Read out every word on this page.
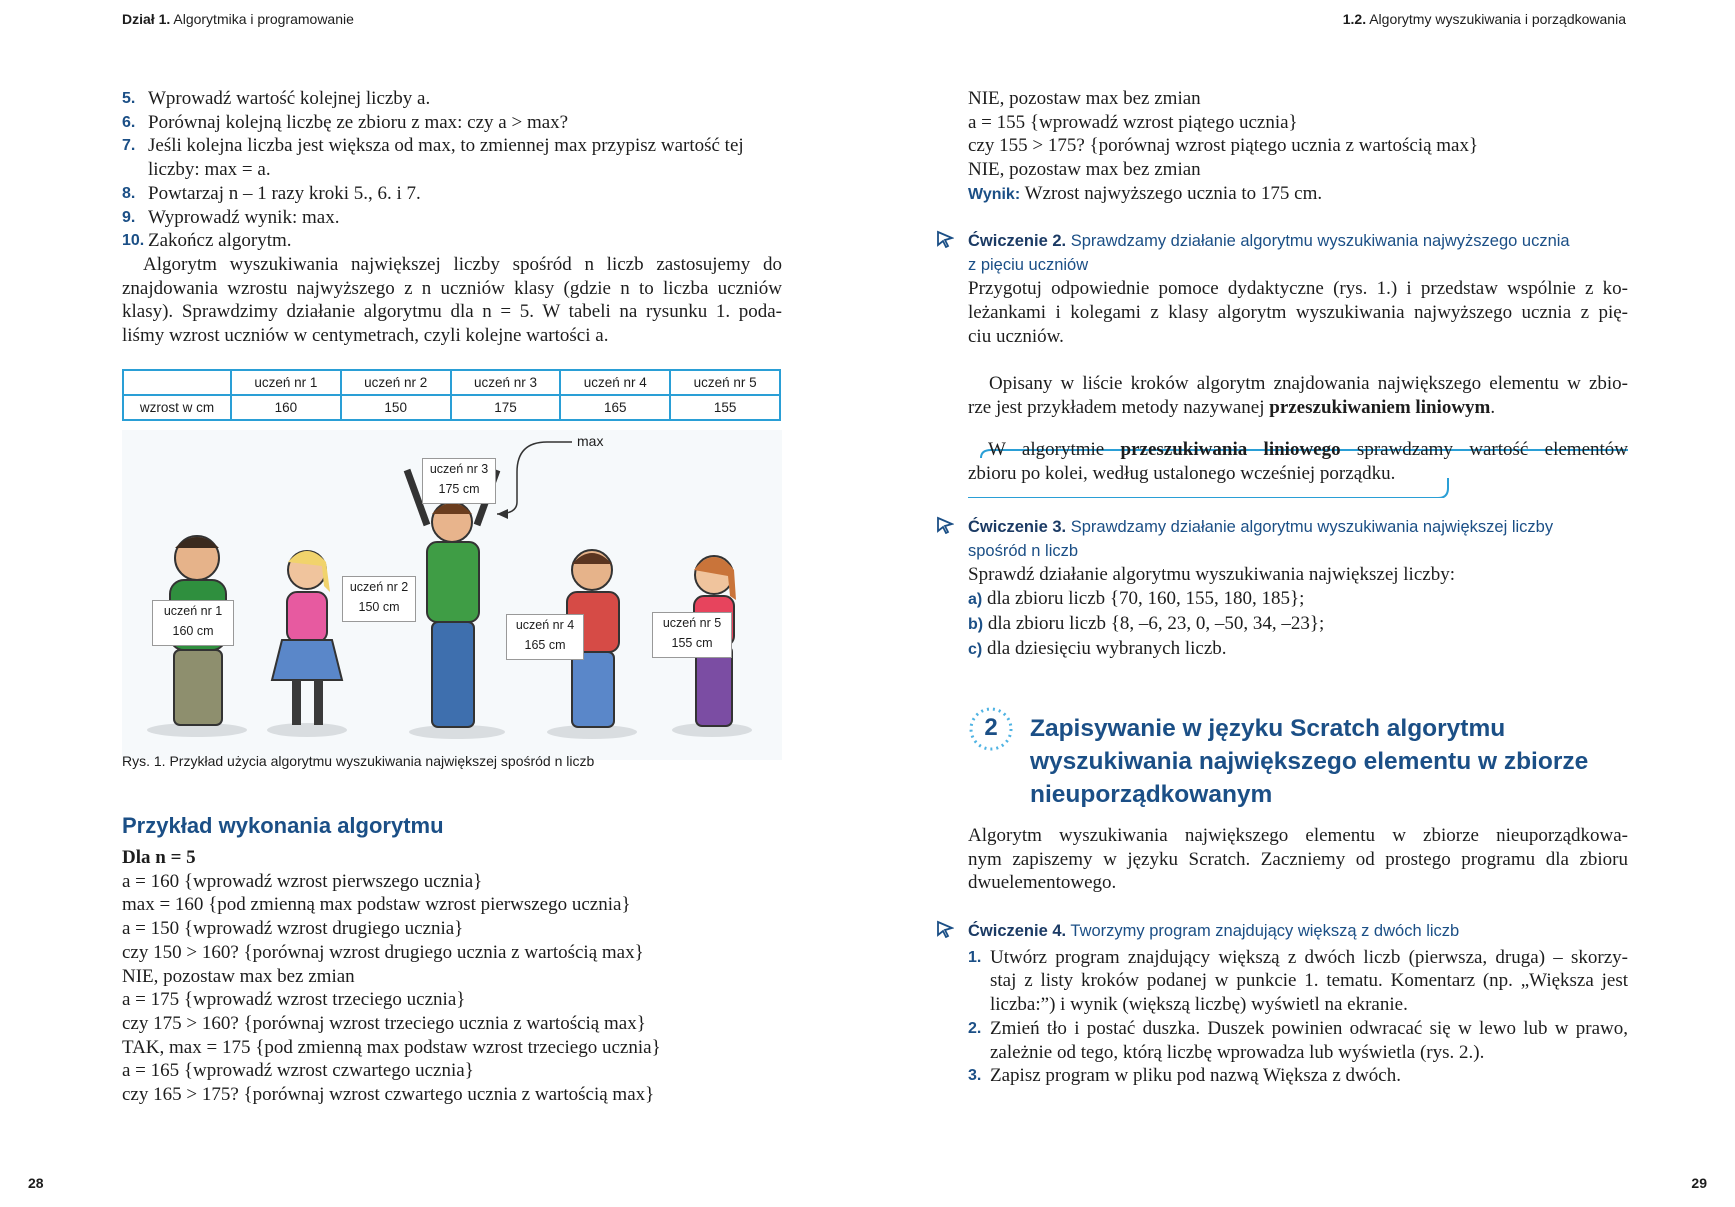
Dział 1. Algorytmika i programowanie	1.2. Algorytmy wyszukiwania i porządkowania
5. Wprowadź wartość kolejnej liczby a.
6. Porównaj kolejną liczbę ze zbioru z max: czy a > max?
7. Jeśli kolejna liczba jest większa od max, to zmiennej max przypisz wartość tej
liczby: max = a.
8. Powtarzaj n – 1 razy kroki 5., 6. i 7.
9. Wyprowadź wynik: max.
10. Zakończ algorytm.
Algorytm wyszukiwania największej liczby spośród n liczb zastosujemy do
znajdowania wzrostu najwyższego z n uczniów klasy (gdzie n to liczba uczniów
klasy). Sprawdzimy działanie algorytmu dla n = 5. W tabeli na rysunku 1. poda-
liśmy wzrost uczniów w centymetrach, czyli kolejne wartości a.
	uczeń nr 1	uczeń nr 2	uczeń nr 3	uczeń nr 4	uczeń nr 5
wzrost w cm	160	150	175	165	155
max
uczeń nr 1
160 cm
uczeń nr 2
150 cm
uczeń nr 3
175 cm
uczeń nr 4
165 cm
uczeń nr 5
155 cm
Rys. 1. Przykład użycia algorytmu wyszukiwania największej spośród n liczb
Przykład wykonania algorytmu
Dla n = 5
a = 160 {wprowadź wzrost pierwszego ucznia}
max = 160 {pod zmienną max podstaw wzrost pierwszego ucznia}
a = 150 {wprowadź wzrost drugiego ucznia}
czy 150 > 160? {porównaj wzrost drugiego ucznia z wartością max}
NIE, pozostaw max bez zmian
a = 175 {wprowadź wzrost trzeciego ucznia}
czy 175 > 160? {porównaj wzrost trzeciego ucznia z wartością max}
TAK, max = 175 {pod zmienną max podstaw wzrost trzeciego ucznia}
a = 165 {wprowadź wzrost czwartego ucznia}
czy 165 > 175? {porównaj wzrost czwartego ucznia z wartością max}
NIE, pozostaw max bez zmian
a = 155 {wprowadź wzrost piątego ucznia}
czy 155 > 175? {porównaj wzrost piątego ucznia z wartością max}
NIE, pozostaw max bez zmian
Wynik: Wzrost najwyższego ucznia to 175 cm.
Ćwiczenie 2. Sprawdzamy działanie algorytmu wyszukiwania najwyższego ucznia
z pięciu uczniów
Przygotuj odpowiednie pomoce dydaktyczne (rys. 1.) i przedstaw wspólnie z ko-
leżankami i kolegami z klasy algorytm wyszukiwania najwyższego ucznia z pię-
ciu uczniów.
Opisany w liście kroków algorytm znajdowania największego elementu w zbio-
rze jest przykładem metody nazywanej przeszukiwaniem liniowym.
W algorytmie przeszukiwania liniowego sprawdzamy wartość elementów
zbioru po kolei, według ustalonego wcześniej porządku.
Ćwiczenie 3. Sprawdzamy działanie algorytmu wyszukiwania największej liczby
spośród n liczb
Sprawdź działanie algorytmu wyszukiwania największej liczby:
a) dla zbioru liczb {70, 160, 155, 180, 185};
b) dla zbioru liczb {8, –6, 23, 0, –50, 34, –23};
c) dla dziesięciu wybranych liczb.
2	Zapisywanie w języku Scratch algorytmu
wyszukiwania największego elementu w zbiorze
nieuporządkowanym
Algorytm wyszukiwania największego elementu w zbiorze nieuporządkowa-
nym zapiszemy w języku Scratch. Zaczniemy od prostego programu dla zbioru
dwuelementowego.
Ćwiczenie 4. Tworzymy program znajdujący większą z dwóch liczb
1. Utwórz program znajdujący większą z dwóch liczb (pierwsza, druga) – skorzy-
staj z listy kroków podanej w punkcie 1. tematu. Komentarz (np. „Większa jest
liczba:”) i wynik (większą liczbę) wyświetl na ekranie.
2. Zmień tło i postać duszka. Duszek powinien odwracać się w lewo lub w prawo,
zależnie od tego, którą liczbę wprowadza lub wyświetla (rys. 2.).
3. Zapisz program w pliku pod nazwą Większa z dwóch.
28	29
